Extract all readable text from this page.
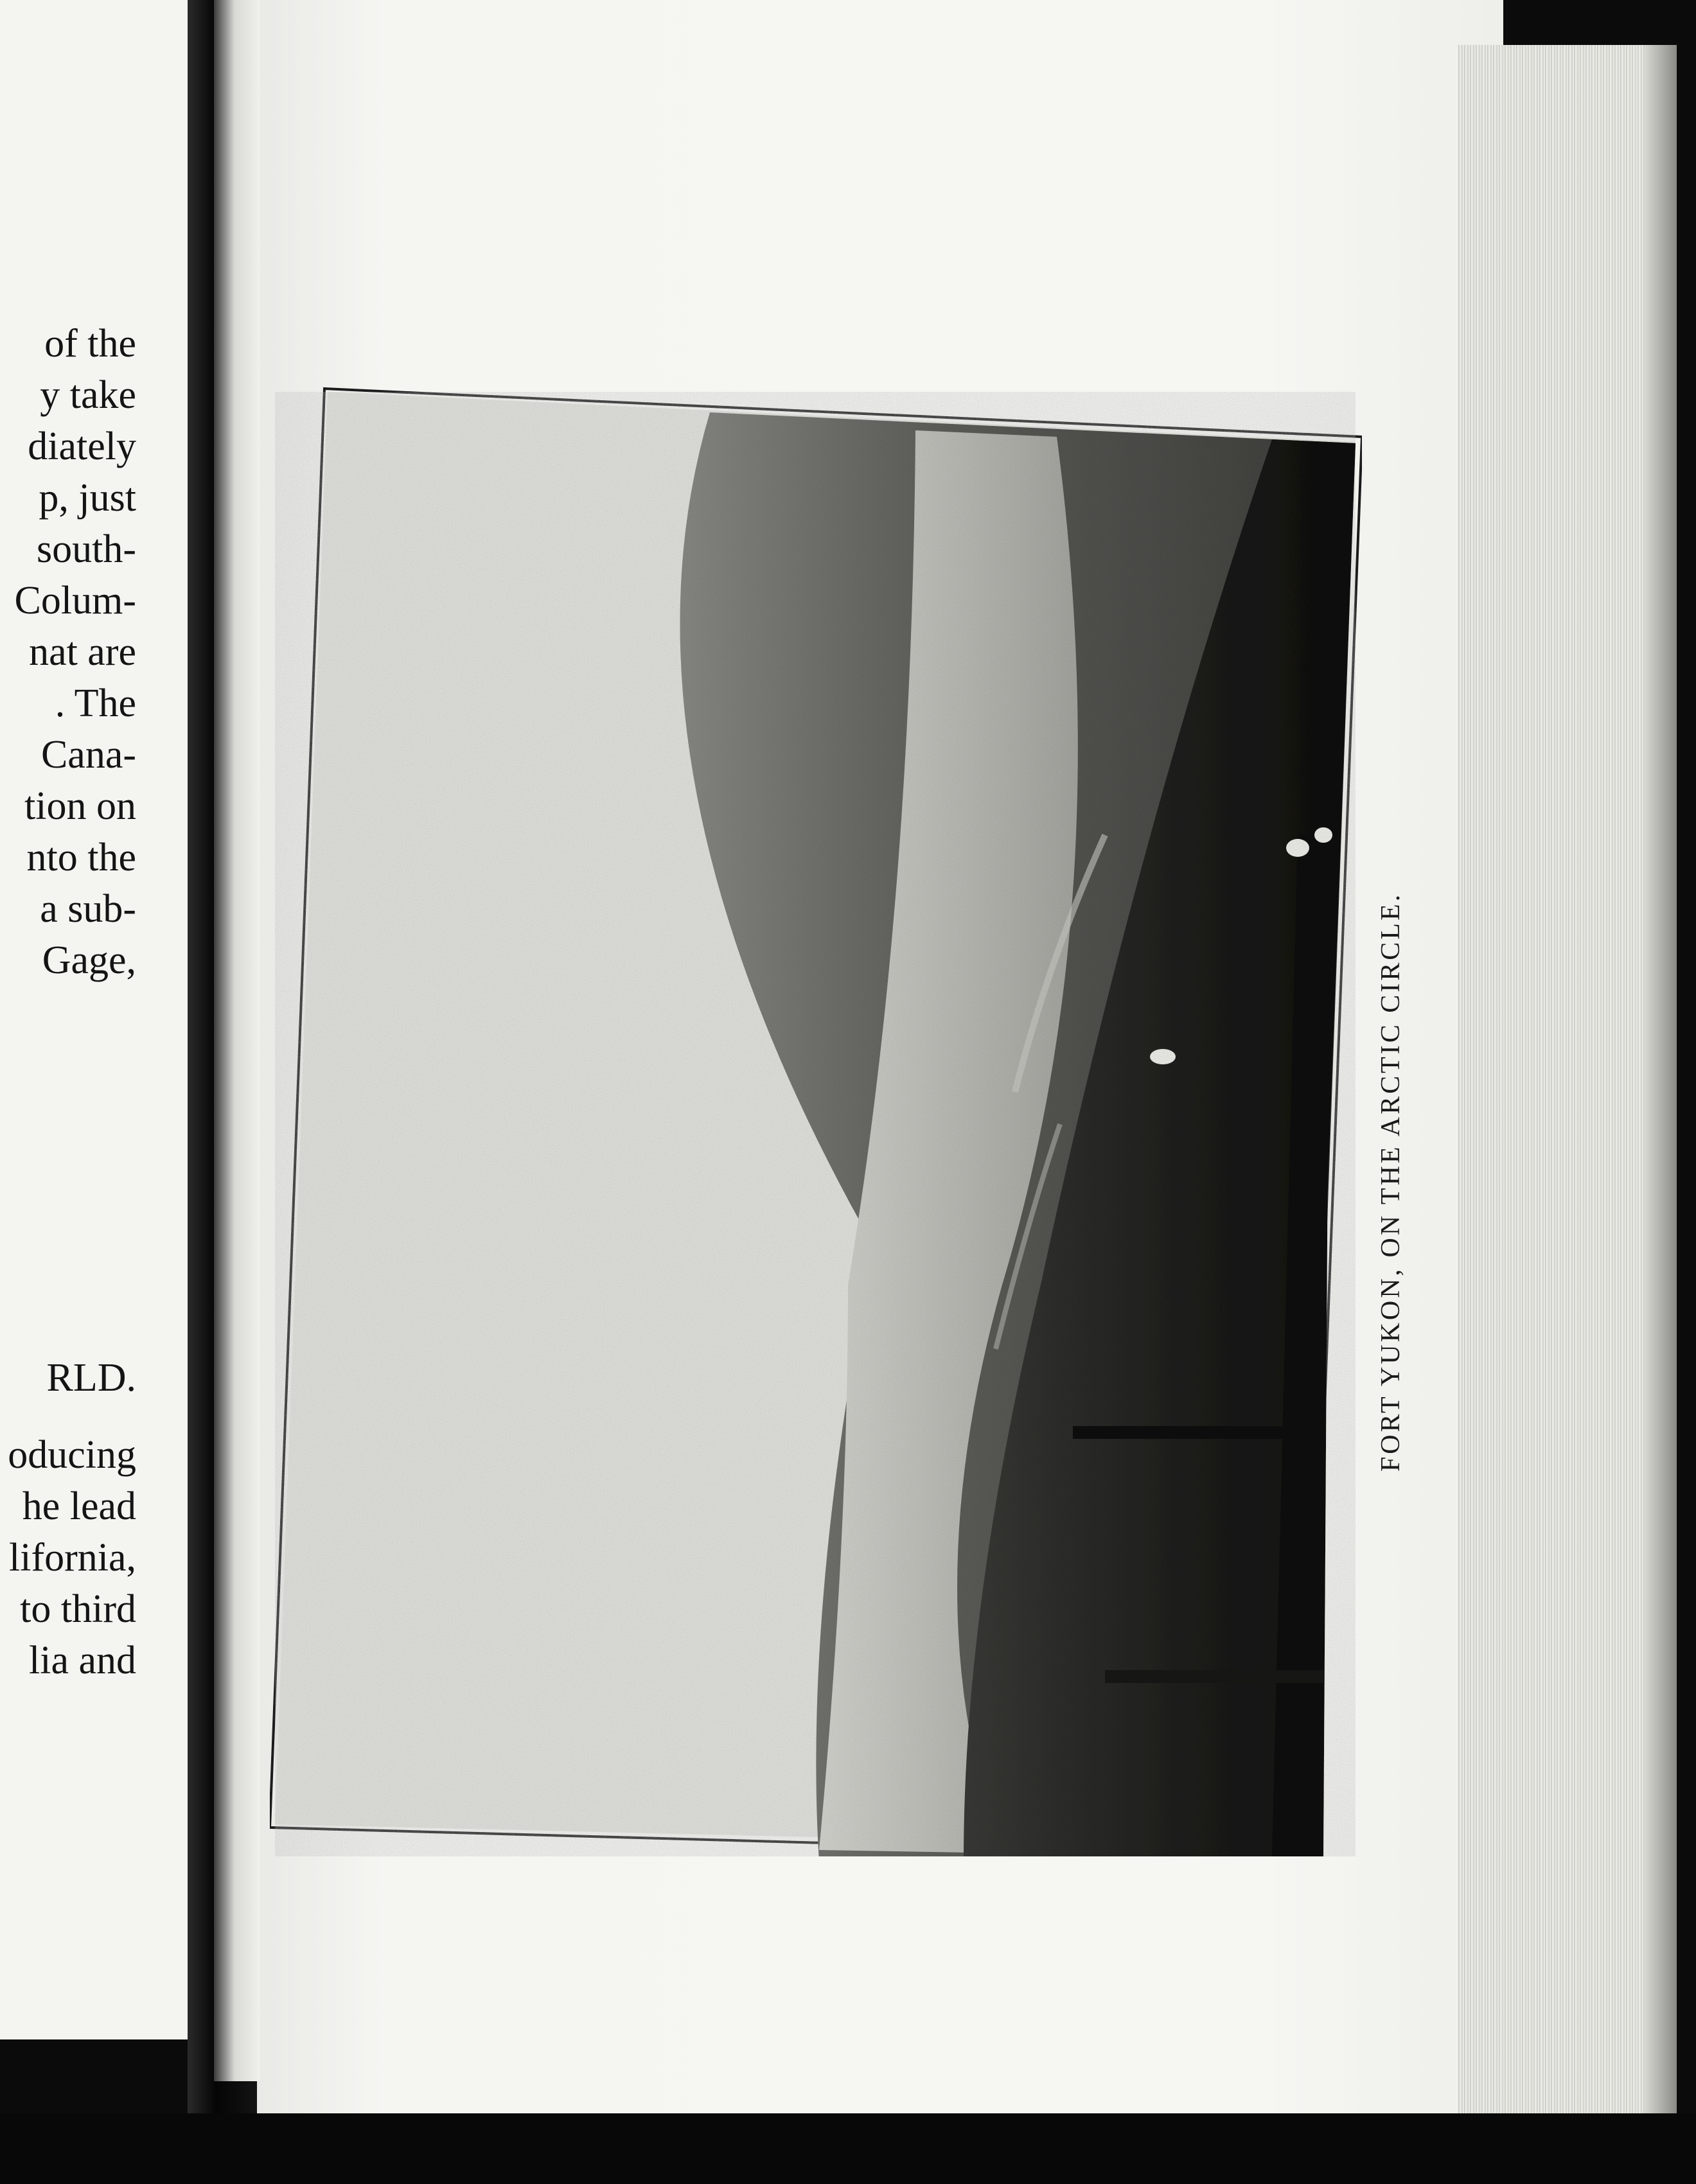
of the
y take
diately
p, just
south-
Colum-
nat are
. The
Cana-
tion on
nto the
a sub-
Gage,
RLD.
oducing
he lead
lifornia,
to third
lia and
FORT YUKON, ON THE ARCTIC CIRCLE.
